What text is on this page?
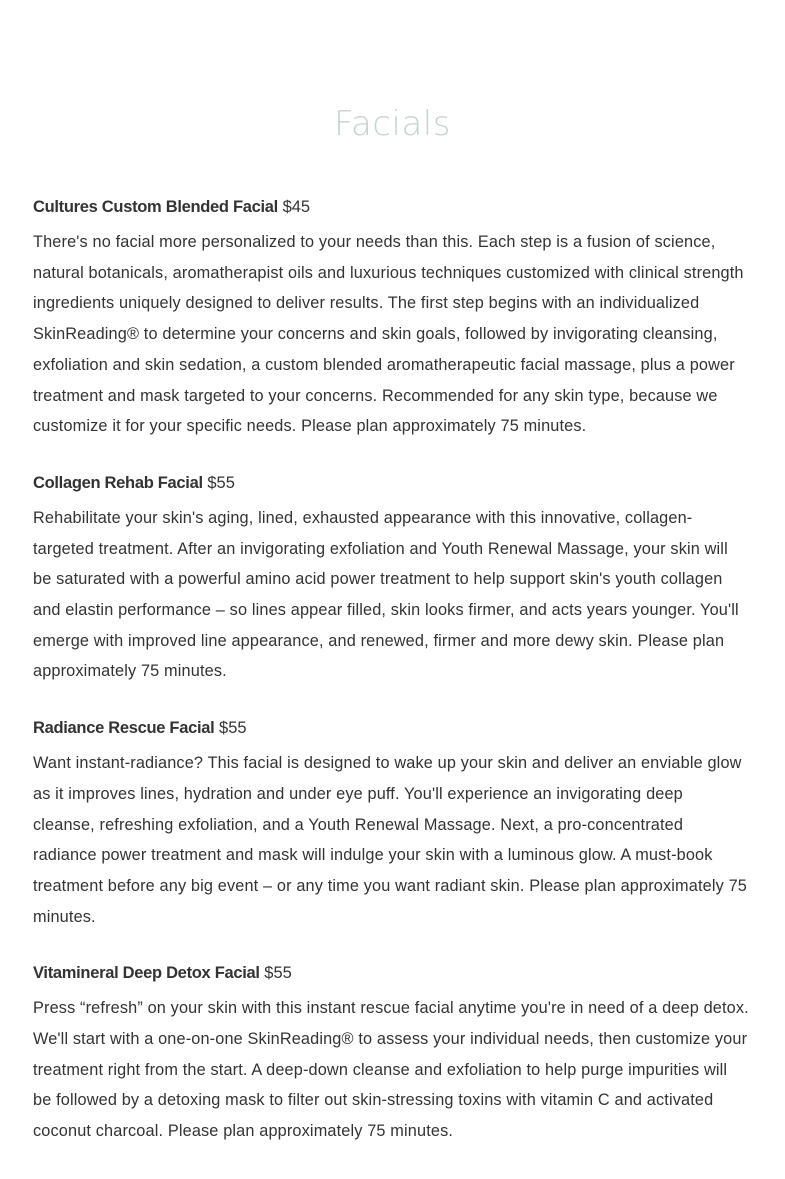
Facials

Cultures Custom Blended Facial $45

There's no facial more personalized to your needs than this. Each step is a fusion of science, natural botanicals, aromatherapist oils and luxurious techniques customized with clinical strength ingredients uniquely designed to deliver results. The first step begins with an individualized SkinReading® to determine your concerns and skin goals, followed by invigorating cleansing, exfoliation and skin sedation, a custom blended aromatherapeutic facial massage, plus a power treatment and mask targeted to your concerns. Recommended for any skin type, because we customize it for your specific needs. Please plan approximately 75 minutes.

Collagen Rehab Facial $55

Rehabilitate your skin's aging, lined, exhausted appearance with this innovative, collagen-targeted treatment. After an invigorating exfoliation and Youth Renewal Massage, your skin will be saturated with a powerful amino acid power treatment to help support skin's youth collagen and elastin performance – so lines appear filled, skin looks firmer, and acts years younger. You'll emerge with improved line appearance, and renewed, firmer and more dewy skin. Please plan approximately 75 minutes.

Radiance Rescue Facial $55

Want instant-radiance? This facial is designed to wake up your skin and deliver an enviable glow as it improves lines, hydration and under eye puff. You'll experience an invigorating deep cleanse, refreshing exfoliation, and a Youth Renewal Massage. Next, a pro-concentrated radiance power treatment and mask will indulge your skin with a luminous glow. A must-book treatment before any big event – or any time you want radiant skin. Please plan approximately 75 minutes.

Vitamineral Deep Detox Facial $55

Press “refresh” on your skin with this instant rescue facial anytime you're in need of a deep detox. We'll start with a one-on-one SkinReading® to assess your individual needs, then customize your treatment right from the start. A deep-down cleanse and exfoliation to help purge impurities will be followed by a detoxing mask to filter out skin-stressing toxins with vitamin C and activated coconut charcoal. Please plan approximately 75 minutes.
